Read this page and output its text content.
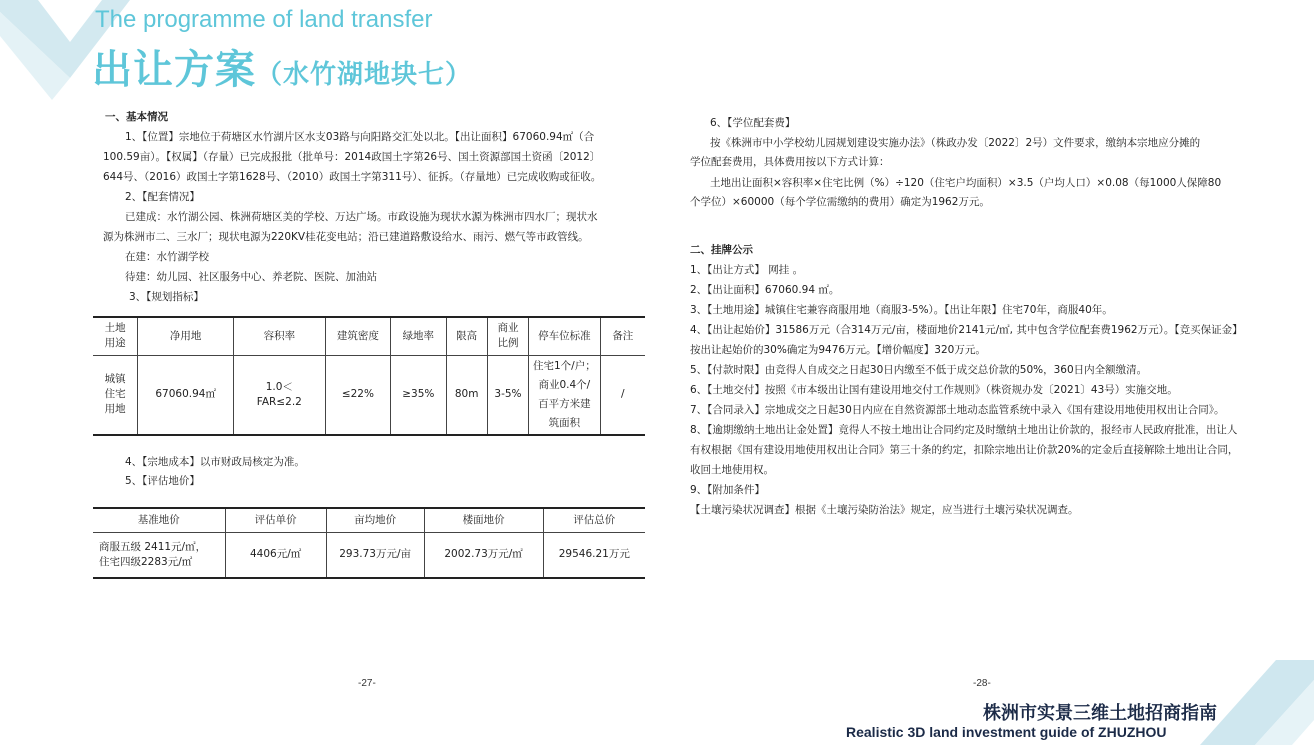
The programme of land transfer
出让方案（水竹湖地块七）
一、基本情况
1、【位置】宗地位于荷塘区水竹湖片区水支03路与向阳路交汇处以北。【出让面积】67060.94㎡（合
100.59亩）。【权属】（存量）已完成报批（批单号：2014政国土字第26号、国土资源部国土资函〔2012〕
644号、（2016）政国土字第1628号、（2010）政国土字第311号）、征拆。（存量地）已完成收购或征收。
2、【配套情况】
已建成：水竹湖公园、株洲荷塘区美的学校、万达广场。市政设施为现状水源为株洲市四水厂；现状水
源为株洲市二、三水厂；现状电源为220KV桂花变电站；沿已建道路敷设给水、雨污、燃气等市政管线。
在建：水竹湖学校
待建：幼儿园、社区服务中心、养老院、医院、加油站
3、【规划指标】
土地
用途	净用地	容积率	建筑密度	绿地率	限高	商业
比例	停车位标准	备注
城镇
住宅
用地	67060.94㎡	1.0＜
FAR≤2.2	≤22%	≥35%	80m	3-5%	住宅1个/户；
商业0.4个/
百平方米建
筑面积	/
4、【宗地成本】以市财政局核定为准。
5、【评估地价】
基准地价	评估单价	亩均地价	楼面地价	评估总价
商服五级 2411元/㎡，
住宅四级2283元/㎡	4406元/㎡	293.73万元/亩	2002.73万元/㎡	29546.21万元
-27-
6、【学位配套费】
按《株洲市中小学校幼儿园规划建设实施办法》（株政办发〔2022〕2号）文件要求，缴纳本宗地应分摊的
学位配套费用，具体费用按以下方式计算：
土地出让面积×容积率×住宅比例（%）÷120（住宅户均面积）×3.5（户均人口）×0.08（每1000人保障80
个学位）×60000（每个学位需缴纳的费用）确定为1962万元。
二、挂牌公示
1、【出让方式】 网挂 。
2、【出让面积】67060.94 ㎡。
3、【土地用途】城镇住宅兼容商服用地（商服3-5%）。【出让年限】住宅70年，商服40年。
4、【出让起始价】31586万元（合314万元/亩，楼面地价2141元/㎡, 其中包含学位配套费1962万元）。【竞买保证金】
按出让起始价的30%确定为9476万元。【增价幅度】320万元。
5、【付款时限】由竞得人自成交之日起30日内缴至不低于成交总价款的50%，360日内全额缴清。
6、【土地交付】按照《市本级出让国有建设用地交付工作规则》（株资规办发〔2021〕43号）实施交地。
7、【合同录入】宗地成交之日起30日内应在自然资源部土地动态监管系统中录入《国有建设用地使用权出让合同》。
8、【逾期缴纳土地出让金处置】竟得人不按土地出让合同约定及时缴纳土地出让价款的，报经市人民政府批准，出让人
有权根据《国有建设用地使用权出让合同》第三十条的约定，扣除宗地出让价款20%的定金后直接解除土地出让合同，
收回土地使用权。
9、【附加条件】
【土壤污染状况调查】根据《土壤污染防治法》规定，应当进行土壤污染状况调查。
-28-
株洲市实景三维土地招商指南
Realistic 3D land investment guide of ZHUZHOU
